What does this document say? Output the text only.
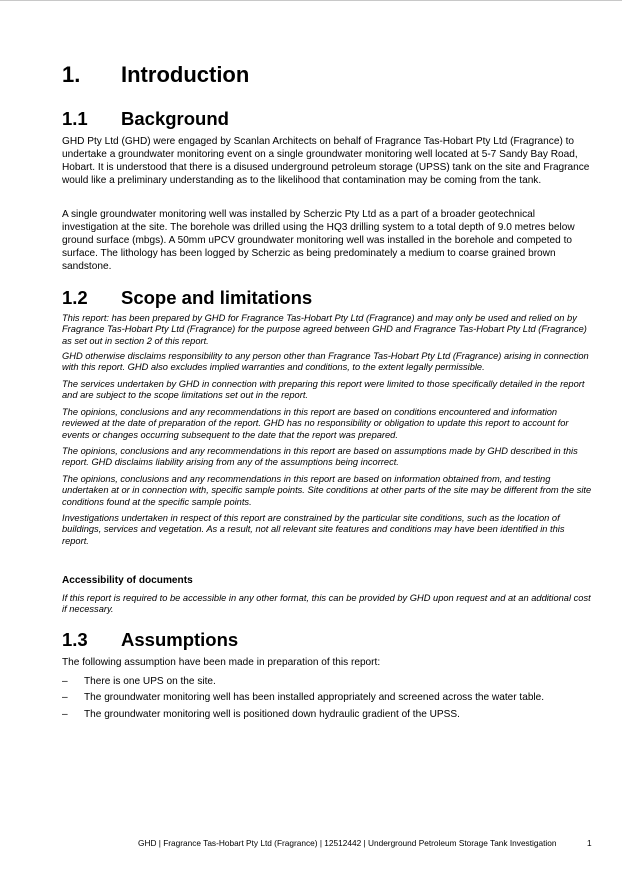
1. Introduction
1.1 Background

GHD Pty Ltd (GHD) were engaged by Scanlan Architects on behalf of Fragrance Tas-Hobart Pty Ltd (Fragrance) to undertake a groundwater monitoring event on a single groundwater monitoring well located at 5-7 Sandy Bay Road, Hobart. It is understood that there is a disused underground petroleum storage (UPSS) tank on the site and Fragrance would like a preliminary understanding as to the likelihood that contamination may be coming from the tank.

A single groundwater monitoring well was installed by Scherzic Pty Ltd as a part of a broader geotechnical investigation at the site. The borehole was drilled using the HQ3 drilling system to a total depth of 9.0 metres below ground surface (mbgs). A 50mm uPCV groundwater monitoring well was installed in the borehole and competed to surface. The lithology has been logged by Scherzic as being predominately a medium to coarse grained brown sandstone.

1.2 Scope and limitations

This report: has been prepared by GHD for Fragrance Tas-Hobart Pty Ltd (Fragrance) and may only be used and relied on by Fragrance Tas-Hobart Pty Ltd (Fragrance) for the purpose agreed between GHD and Fragrance Tas-Hobart Pty Ltd (Fragrance) as set out in section 2 of this report.

GHD otherwise disclaims responsibility to any person other than Fragrance Tas-Hobart Pty Ltd (Fragrance) arising in connection with this report. GHD also excludes implied warranties and conditions, to the extent legally permissible.

The services undertaken by GHD in connection with preparing this report were limited to those specifically detailed in the report and are subject to the scope limitations set out in the report.

The opinions, conclusions and any recommendations in this report are based on conditions encountered and information reviewed at the date of preparation of the report. GHD has no responsibility or obligation to update this report to account for events or changes occurring subsequent to the date that the report was prepared.

The opinions, conclusions and any recommendations in this report are based on assumptions made by GHD described in this report. GHD disclaims liability arising from any of the assumptions being incorrect.

The opinions, conclusions and any recommendations in this report are based on information obtained from, and testing undertaken at or in connection with, specific sample points. Site conditions at other parts of the site may be different from the site conditions found at the specific sample points.

Investigations undertaken in respect of this report are constrained by the particular site conditions, such as the location of buildings, services and vegetation. As a result, not all relevant site features and conditions may have been identified in this report.

Accessibility of documents

If this report is required to be accessible in any other format, this can be provided by GHD upon request and at an additional cost if necessary.

1.3 Assumptions

The following assumption have been made in preparation of this report:

– There is one UPS on the site.
– The groundwater monitoring well has been installed appropriately and screened across the water table.
– The groundwater monitoring well is positioned down hydraulic gradient of the UPSS.
GHD | Fragrance Tas-Hobart Pty Ltd (Fragrance) | 12512442 | Underground Petroleum Storage Tank Investigation	1
